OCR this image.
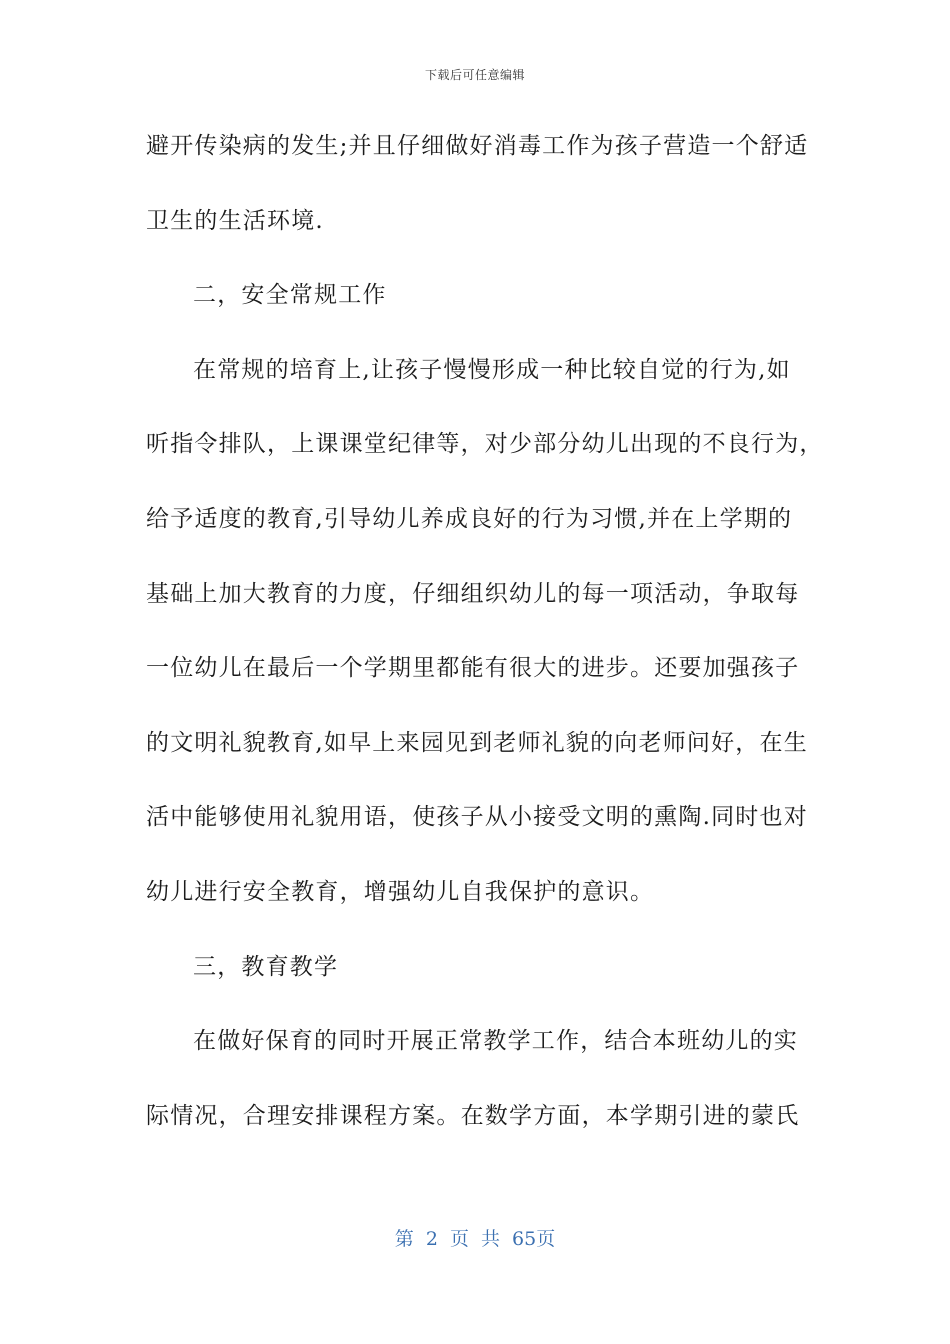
下载后可任意编辑
避开传染病的发生;并且仔细做好消毒工作为孩子营造一个舒适
卫生的生活环境.
二，安全常规工作
在常规的培育上,让孩子慢慢形成一种比较自觉的行为,如
听指令排队，上课课堂纪律等，对少部分幼儿出现的不良行为，
给予适度的教育,引导幼儿养成良好的行为习惯,并在上学期的
基础上加大教育的力度，仔细组织幼儿的每一项活动，争取每
一位幼儿在最后一个学期里都能有很大的进步。还要加强孩子
的文明礼貌教育,如早上来园见到老师礼貌的向老师问好，在生
活中能够使用礼貌用语，使孩子从小接受文明的熏陶.同时也对
幼儿进行安全教育，增强幼儿自我保护的意识。
三，教育教学
在做好保育的同时开展正常教学工作，结合本班幼儿的实
际情况，合理安排课程方案。在数学方面，本学期引进的蒙氏
第 2 页 共 65页
